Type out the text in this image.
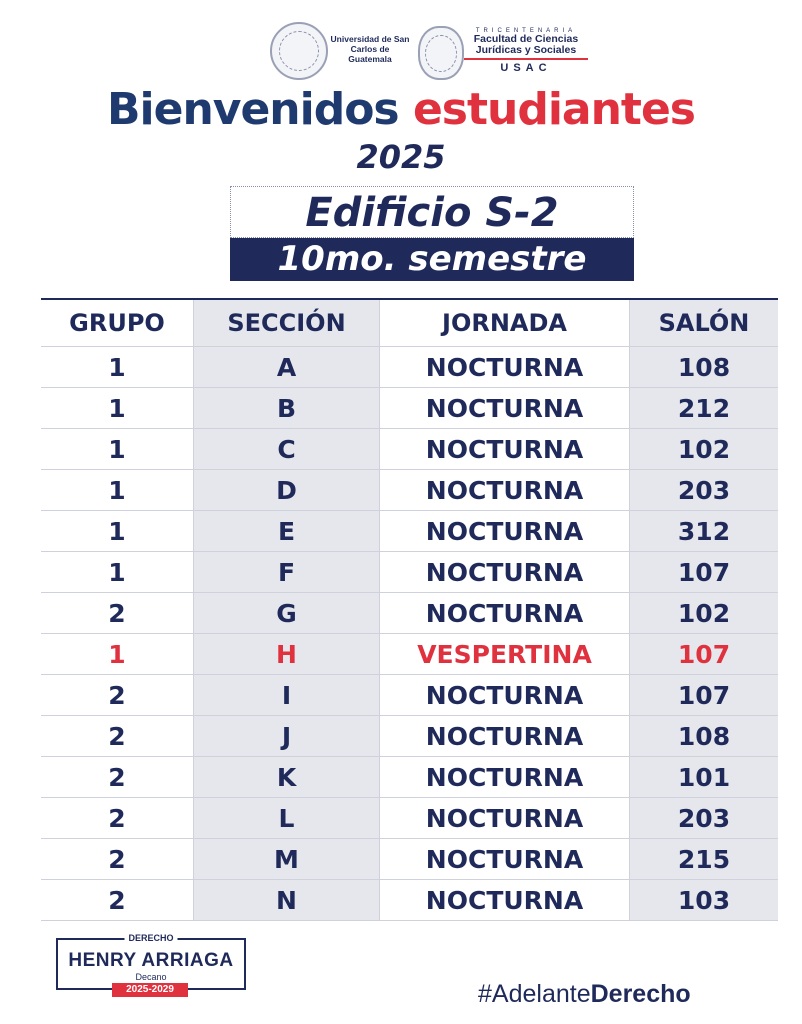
Universidad de San Carlos de Guatemala
TRICENTENARIA
Facultad de Ciencias Jurídicas y Sociales
USAC
Bienvenidos estudiantes
2025
Edificio S-2
10mo. semestre
GRUPO	SECCIÓN	JORNADA	SALÓN
1	A	NOCTURNA	108
1	B	NOCTURNA	212
1	C	NOCTURNA	102
1	D	NOCTURNA	203
1	E	NOCTURNA	312
1	F	NOCTURNA	107
2	G	NOCTURNA	102
1	H	VESPERTINA	107
2	I	NOCTURNA	107
2	J	NOCTURNA	108
2	K	NOCTURNA	101
2	L	NOCTURNA	203
2	M	NOCTURNA	215
2	N	NOCTURNA	103
DERECHO
HENRY ARRIAGA
Decano
2025-2029	#AdelanteDerecho
